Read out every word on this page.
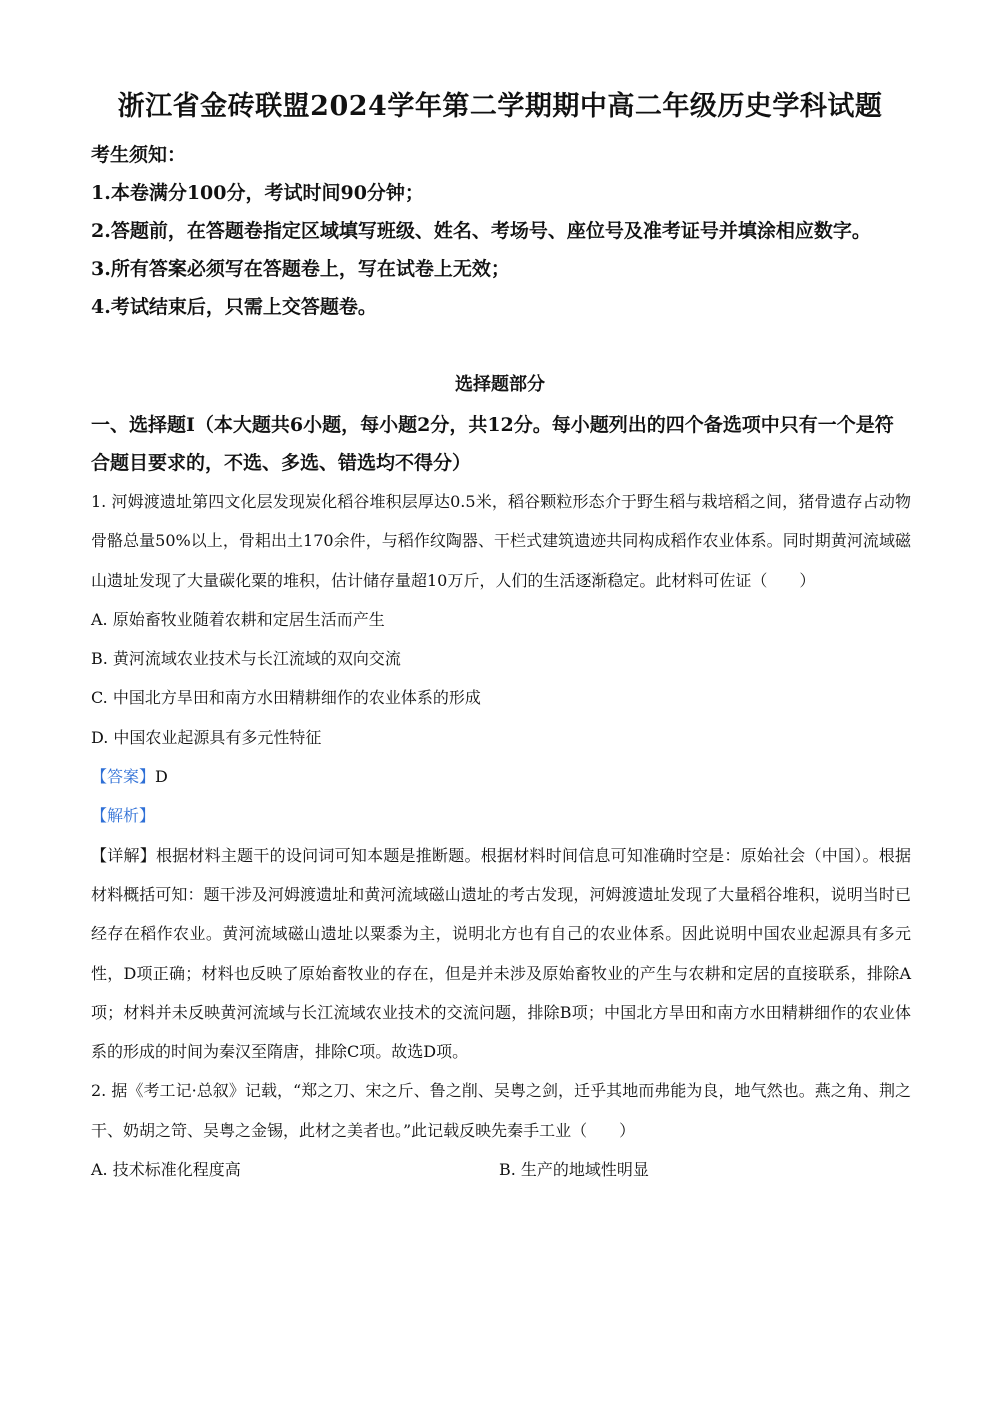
浙江省金砖联盟2024学年第二学期期中高二年级历史学科试题

考生须知：

1.本卷满分100分，考试时间90分钟；

2.答题前，在答题卷指定区域填写班级、姓名、考场号、座位号及准考证号并填涂相应数字。

3.所有答案必须写在答题卷上，写在试卷上无效；

4.考试结束后，只需上交答题卷。

选择题部分
一、选择题Ⅰ（本大题共6小题，每小题2分，共12分。每小题列出的四个备选项中只有一个是符合题目要求的，不选、多选、错选均不得分）

1. 河姆渡遗址第四文化层发现炭化稻谷堆积层厚达0.5米，稻谷颗粒形态介于野生稻与栽培稻之间，猪骨遗存占动物骨骼总量50%以上，骨耜出土170余件，与稻作纹陶器、干栏式建筑遗迹共同构成稻作农业体系。同时期黄河流域磁山遗址发现了大量碳化粟的堆积，估计储存量超10万斤，人们的生活逐渐稳定。此材料可佐证（　　）

A. 原始畜牧业随着农耕和定居生活而产生

B. 黄河流域农业技术与长江流域的双向交流

C. 中国北方旱田和南方水田精耕细作的农业体系的形成

D. 中国农业起源具有多元性特征

【答案】D

【解析】

【详解】根据材料主题干的设问词可知本题是推断题。根据材料时间信息可知准确时空是：原始社会（中国）。根据材料概括可知：题干涉及河姆渡遗址和黄河流域磁山遗址的考古发现，河姆渡遗址发现了大量稻谷堆积，说明当时已经存在稻作农业。黄河流域磁山遗址以粟黍为主，说明北方也有自己的农业体系。因此说明中国农业起源具有多元性，D项正确；材料也反映了原始畜牧业的存在，但是并未涉及原始畜牧业的产生与农耕和定居的直接联系，排除A项；材料并未反映黄河流域与长江流域农业技术的交流问题，排除B项；中国北方旱田和南方水田精耕细作的农业体系的形成的时间为秦汉至隋唐，排除C项。故选D项。

2. 据《考工记·总叙》记载，“郑之刀、宋之斤、鲁之削、吴粤之剑，迁乎其地而弗能为良，地气然也。燕之角、荆之干、奶胡之笴、吴粤之金锡，此材之美者也。”此记载反映先秦手工业（　　）

A. 技术标准化程度高	B. 生产的地域性明显
